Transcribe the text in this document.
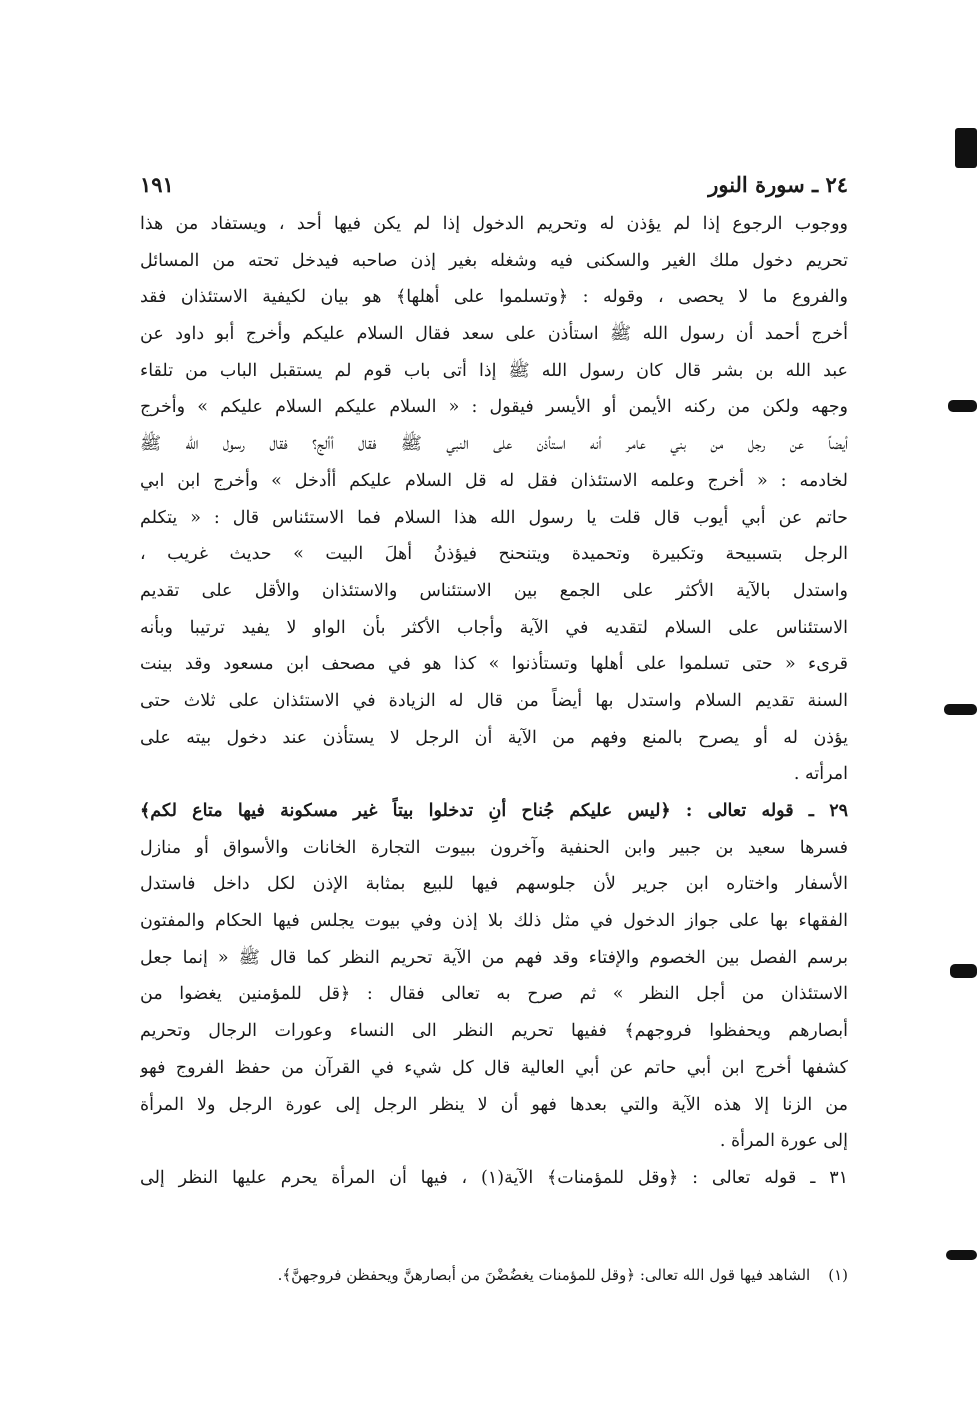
٢٤ ـ سورة النور
١٩١
ووجوب الرجوع إذا لم يؤذن له وتحريم الدخول إذا لم يكن فيها أحد ، ويستفاد من هذا
تحريم دخول ملك الغير والسكنى فيه وشغله بغير إذن صاحبه فيدخل تحته من المسائل
والفروع ما لا يحصى ، وقوله : ﴿وتسلموا على أهلها﴾ هو بيان لكيفية الاستئذان فقد
أخرج أحمد أن رسول الله ﷺ استأذن على سعد فقال السلام عليكم وأخرج أبو داود عن
عبد الله بن بشر قال كان رسول الله ﷺ إذا أتى باب قوم لم يستقبل الباب من تلقاء
وجهه ولكن من ركنه الأيمن أو الأيسر فيقول : « السلام عليكم السلام عليكم » وأخرج
أيضاً عن رجل من بني عامر أنه استأذن على النبي ﷺ فقال أألج؟ فقال رسول الله ﷺ
لخادمه : « أخرج وعلمه الاستئذان فقل له قل السلام عليكم أأدخل » وأخرج ابن ابي
حاتم عن أبي أيوب قال قلت يا رسول الله هذا السلام فما الاستئناس قال : « يتكلم
الرجل بتسبيحة وتكبيرة وتحميدة ويتنحنح فيؤذنُ أهلَ البيت » حديث غريب ،
واستدل بالآية الأكثر على الجمع بين الاستئناس والاستئذان والأقل على تقديم
الاستئناس على السلام لتقديه في الآية وأجاب الأكثر بأن الواو لا يفيد ترتيبا وبأنه
قرىء « حتى تسلموا على أهلها وتستأذنوا » كذا هو في مصحف ابن مسعود وقد بينت
السنة تقديم السلام واستدل بها أيضاً من قال له الزيادة في الاستئذان على ثلاث حتى
يؤذن له أو يصرح بالمنع وفهم من الآية أن الرجل لا يستأذن عند دخول بيته على
امرأته .
٢٩ ـ قوله تعالى : ﴿ليس عليكم جُناح أنِ تدخلوا بيتاً غير مسكونة فيها متاع لكم﴾
فسرها سعيد بن جبير وابن الحنفية وآخرون ببيوت التجارة الخانات والأسواق أو منازل
الأسفار واختاره ابن جرير لأن جلوسهم فيها للبيع بمثابة الإذن لكل داخل فاستدل
الفقهاء بها على جواز الدخول في مثل ذلك بلا إذن وفي بيوت يجلس فيها الحكام والمفتون
برسم الفصل بين الخصوم والإفتاء وقد فهم من الآية تحريم النظر كما قال ﷺ « إنما جعل
الاستئذان من أجل النظر » ثم صرح به تعالى فقال : ﴿قل للمؤمنين يغضوا من
أبصارهم ويحفظوا فروجهم﴾ ففيها تحريم النظر الى النساء وعورات الرجال وتحريم
كشفها أخرج ابن أبي حاتم عن أبي العالية قال كل شيء في القرآن من حفظ الفروج فهو
من الزنا إلا هذه الآية والتي بعدها فهو أن لا ينظر الرجل إلى عورة الرجل ولا المرأة
إلى عورة المرأة .
٣١ ـ قوله تعالى : ﴿وقل للمؤمنات﴾ الآية(١) ، فيها أن المرأة يحرم عليها النظر إلى
(١)الشاهد فيها قول الله تعالى: ﴿وقل للمؤمنات يغضُضْنَ من أبصارهنَّ ويحفظن فروجهنَّ﴾.
